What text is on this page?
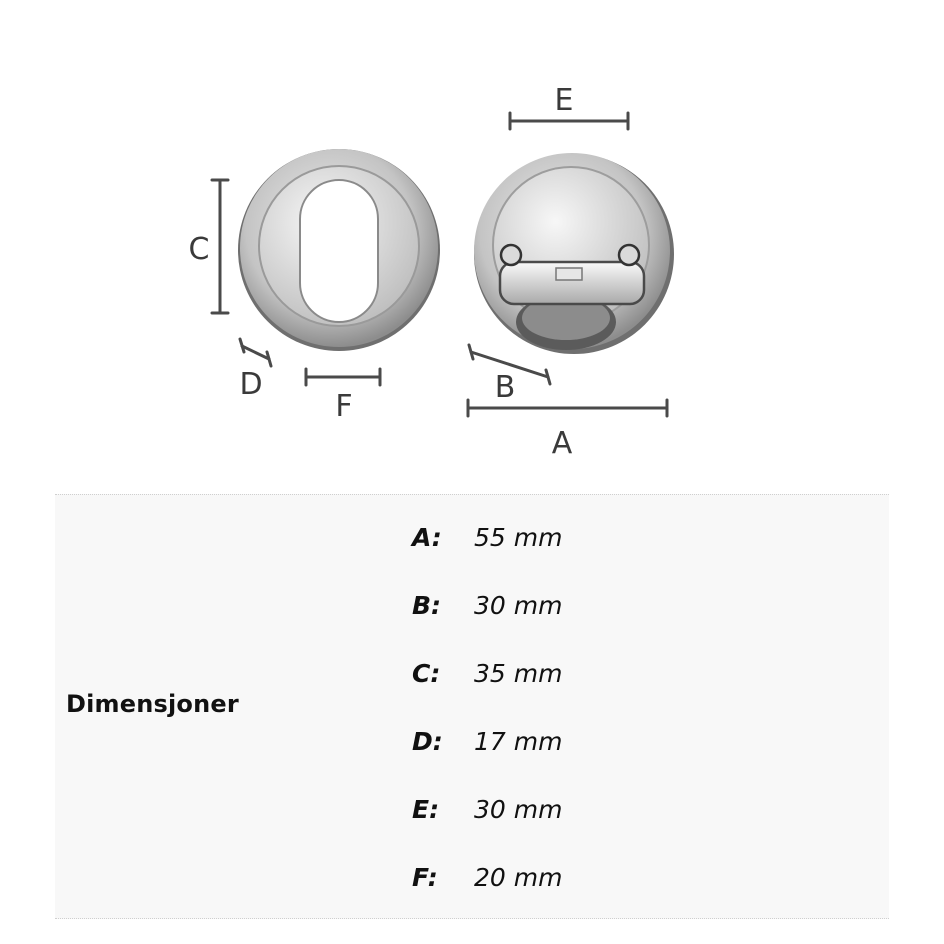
A
B
C
D
E
F
Dimensjoner
A:	55 mm
B:	30 mm
C:	35 mm
D:	17 mm
E:	30 mm
F:	20 mm
